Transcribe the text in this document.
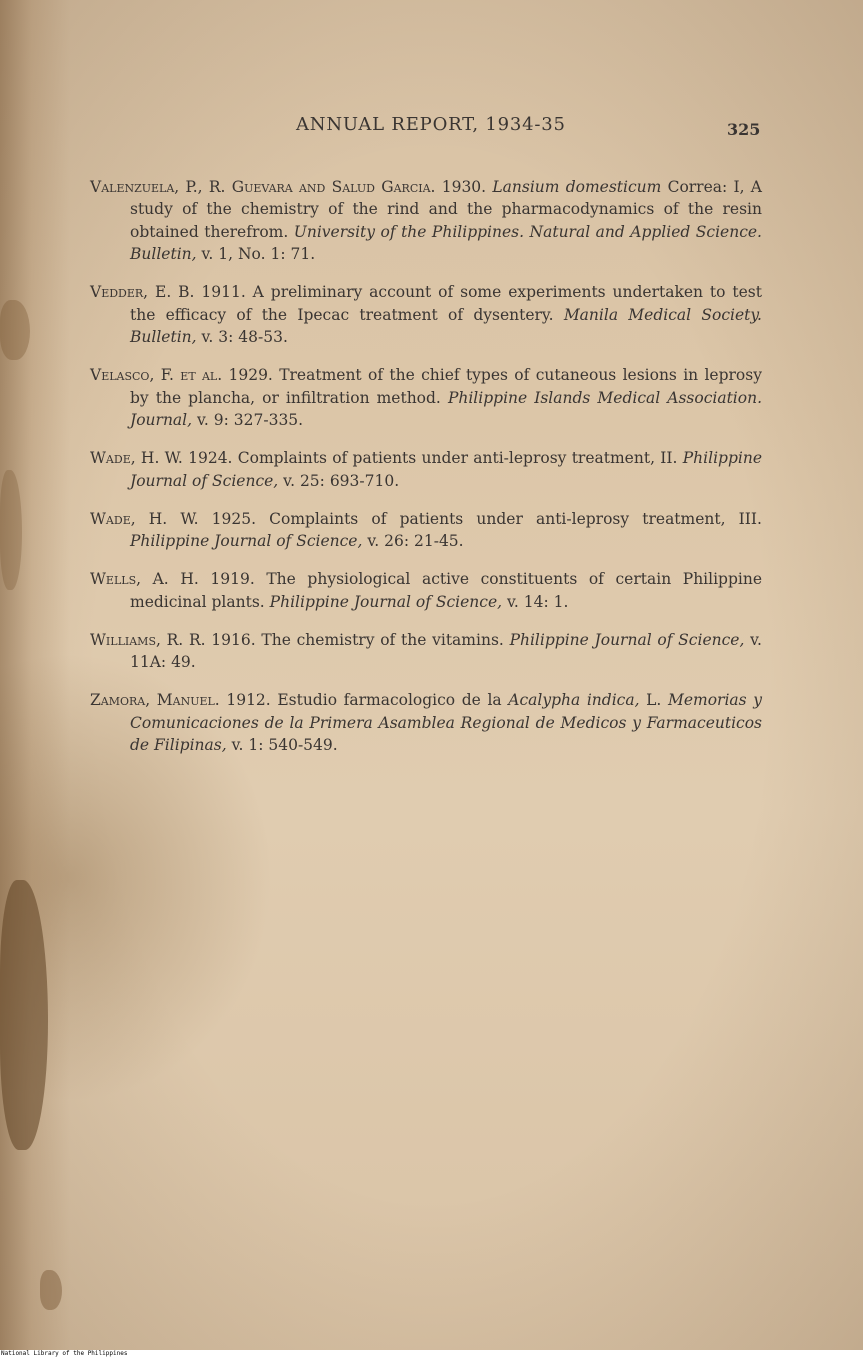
ANNUAL REPORT, 1934-35	325

Valenzuela, P., R. Guevara and Salud Garcia. 1930. Lansium domesticum Correa: I, A study of the chemistry of the rind and the pharmacodynamics of the resin obtained therefrom. University of the Philippines. Natural and Applied Science. Bulletin, v. 1, No. 1: 71.

Vedder, E. B. 1911. A preliminary account of some experiments undertaken to test the efficacy of the Ipecac treatment of dysentery. Manila Medical Society. Bulletin, v. 3: 48-53.

Velasco, F. et al. 1929. Treatment of the chief types of cutaneous lesions in leprosy by the plancha, or infiltration method. Philippine Islands Medical Association. Journal, v. 9: 327-335.

Wade, H. W. 1924. Complaints of patients under anti-leprosy treatment, II. Philippine Journal of Science, v. 25: 693-710.

Wade, H. W. 1925. Complaints of patients under anti-leprosy treatment, III. Philippine Journal of Science, v. 26: 21-45.

Wells, A. H. 1919. The physiological active constituents of certain Philippine medicinal plants. Philippine Journal of Science, v. 14: 1.

Williams, R. R. 1916. The chemistry of the vitamins. Philippine Journal of Science, v. 11A: 49.

Zamora, Manuel. 1912. Estudio farmacologico de la Acalypha indica, L. Memorias y Comunicaciones de la Primera Asamblea Regional de Medicos y Farmaceuticos de Filipinas, v. 1: 540-549.

National Library of the Philippines
